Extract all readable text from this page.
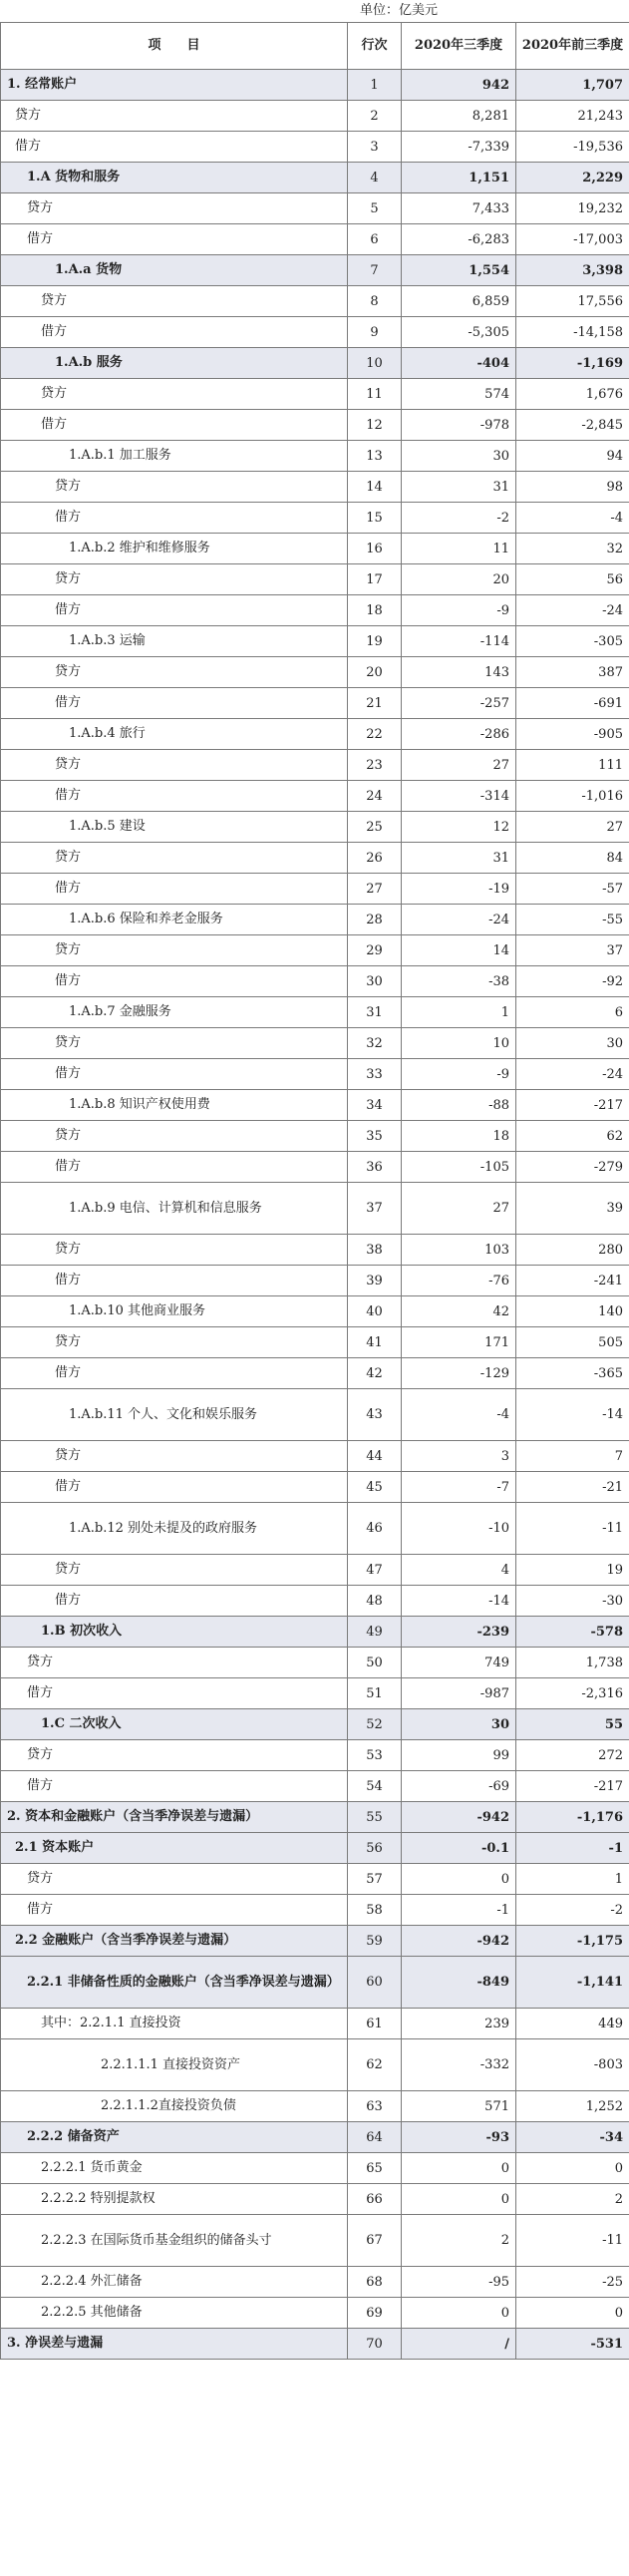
单位：亿美元
项　　目	行次	2020年三季度	2020年前三季度
1. 经常账户	1	942	1,707
贷方	2	8,281	21,243
借方	3	-7,339	-19,536
1.A 货物和服务	4	1,151	2,229
贷方	5	7,433	19,232
借方	6	-6,283	-17,003
1.A.a 货物	7	1,554	3,398
贷方	8	6,859	17,556
借方	9	-5,305	-14,158
1.A.b 服务	10	-404	-1,169
贷方	11	574	1,676
借方	12	-978	-2,845
1.A.b.1 加工服务	13	30	94
贷方	14	31	98
借方	15	-2	-4
1.A.b.2 维护和维修服务	16	11	32
贷方	17	20	56
借方	18	-9	-24
1.A.b.3 运输	19	-114	-305
贷方	20	143	387
借方	21	-257	-691
1.A.b.4 旅行	22	-286	-905
贷方	23	27	111
借方	24	-314	-1,016
1.A.b.5 建设	25	12	27
贷方	26	31	84
借方	27	-19	-57
1.A.b.6 保险和养老金服务	28	-24	-55
贷方	29	14	37
借方	30	-38	-92
1.A.b.7 金融服务	31	1	6
贷方	32	10	30
借方	33	-9	-24
1.A.b.8 知识产权使用费	34	-88	-217
贷方	35	18	62
借方	36	-105	-279
1.A.b.9 电信、计算机和信息服务	37	27	39
贷方	38	103	280
借方	39	-76	-241
1.A.b.10 其他商业服务	40	42	140
贷方	41	171	505
借方	42	-129	-365
1.A.b.11 个人、文化和娱乐服务	43	-4	-14
贷方	44	3	7
借方	45	-7	-21
1.A.b.12 别处未提及的政府服务	46	-10	-11
贷方	47	4	19
借方	48	-14	-30
1.B 初次收入	49	-239	-578
贷方	50	749	1,738
借方	51	-987	-2,316
1.C 二次收入	52	30	55
贷方	53	99	272
借方	54	-69	-217
2. 资本和金融账户（含当季净误差与遗漏）	55	-942	-1,176
2.1 资本账户	56	-0.1	-1
贷方	57	0	1
借方	58	-1	-2
2.2 金融账户（含当季净误差与遗漏）	59	-942	-1,175
2.2.1 非储备性质的金融账户（含当季净误差与遗漏）	60	-849	-1,141
其中：2.2.1.1 直接投资	61	239	449
2.2.1.1.1 直接投资资产	62	-332	-803
2.2.1.1.2直接投资负债	63	571	1,252
2.2.2 储备资产	64	-93	-34
2.2.2.1 货币黄金	65	0	0
2.2.2.2 特别提款权	66	0	2
2.2.2.3 在国际货币基金组织的储备头寸	67	2	-11
2.2.2.4 外汇储备	68	-95	-25
2.2.2.5 其他储备	69	0	0
3. 净误差与遗漏	70	/	-531
